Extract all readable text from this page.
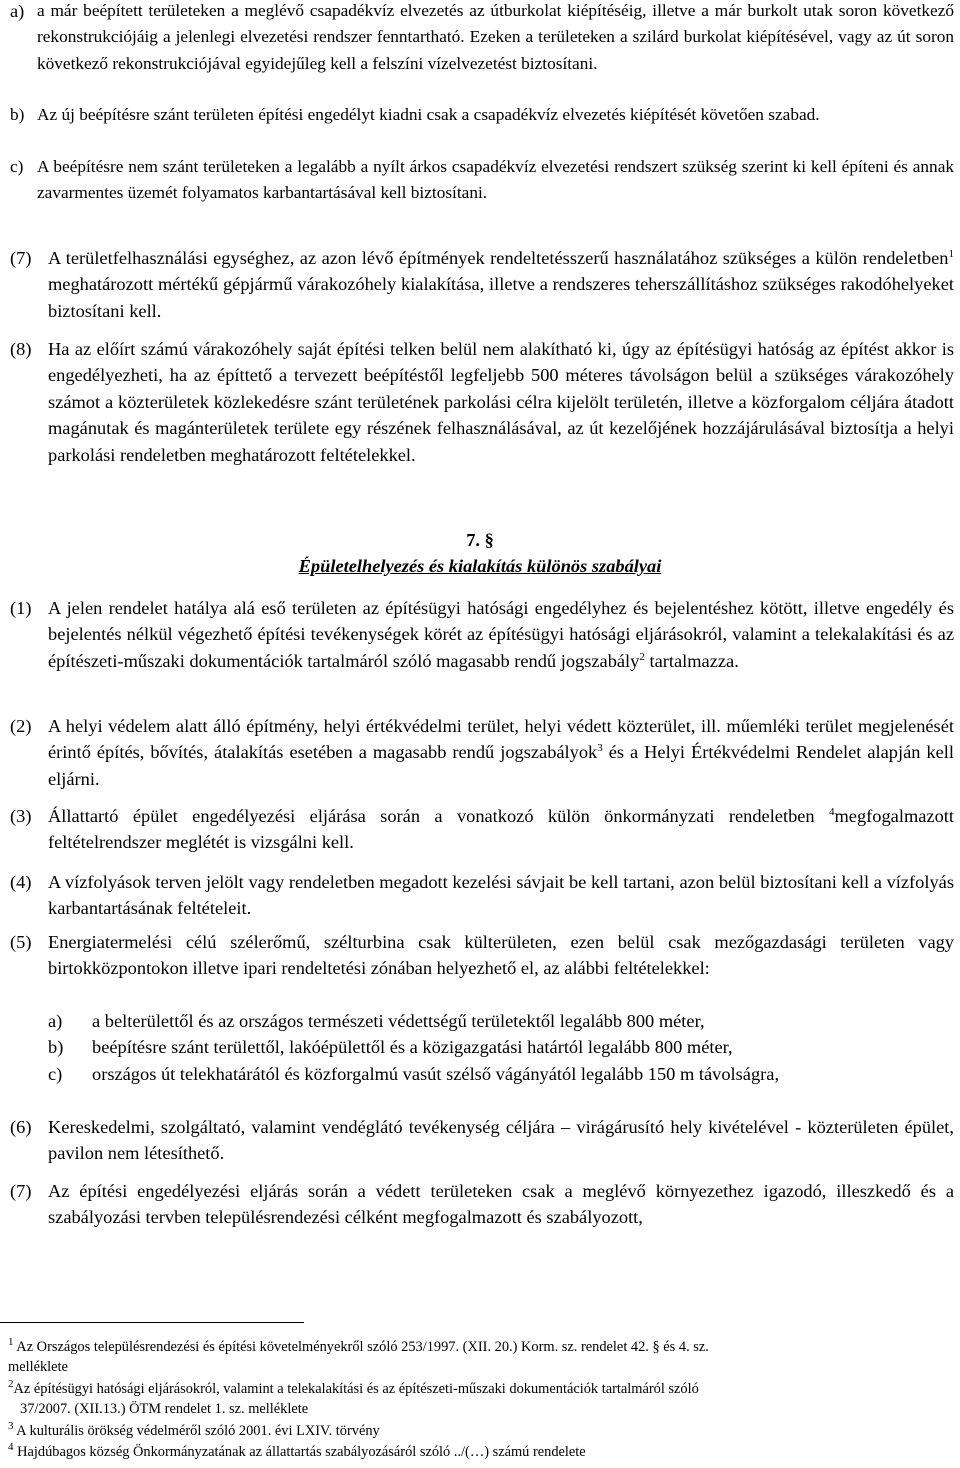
a) a már beépített területeken a meglévő csapadékvíz elvezetés az útburkolat kiépítéséig, illetve a már burkolt utak soron következő rekonstrukciójáig a jelenlegi elvezetési rendszer fenntartható. Ezeken a területeken a szilárd burkolat kiépítésével, vagy az út soron következő rekonstrukciójával egyidejűleg kell a felszíni vízelvezetést biztosítani.

b) Az új beépítésre szánt területen építési engedélyt kiadni csak a csapadékvíz elvezetés kiépítését követően szabad.

c) A beépítésre nem szánt területeken a legalább a nyílt árkos csapadékvíz elvezetési rendszert szükség szerint ki kell építeni és annak zavarmentes üzemét folyamatos karbantartásával kell biztosítani.

(7) A területfelhasználási egységhez, az azon lévő építmények rendeltetésszerű használatához szükséges a külön rendeletben$^1$ meghatározott mértékű gépjármű várakozóhely kialakítása, illetve a rendszeres teherszállításhoz szükséges rakodóhelyeket biztosítani kell.

(8) Ha az előírt számú várakozóhely saját építési telken belül nem alakítható ki, úgy az építésügyi hatóság az építést akkor is engedélyezheti, ha az építtető a tervezett beépítéstől legfeljebb 500 méteres távolságon belül a szükséges várakozóhely számot a közterületek közlekedésre szánt területének parkolási célra kijelölt területén, illetve a közforgalom céljára átadott magánutak és magánterületek területe egy részének felhasználásával, az út kezelőjének hozzájárulásával biztosítja a helyi parkolási rendeletben meghatározott feltételekkel.

7. §
Épületelhelyezés és kialakítás különös szabályai
(1) A jelen rendelet hatálya alá eső területen az építésügyi hatósági engedélyhez és bejelentéshez kötött, illetve engedély és bejelentés nélkül végezhető építési tevékenységek körét az építésügyi hatósági eljárásokról, valamint a telekalakítási és az építészeti-műszaki dokumentációk tartalmáról szóló magasabb rendű jogszabály$^2$ tartalmazza.

(2) A helyi védelem alatt álló építmény, helyi értékvédelmi terület, helyi védett közterület, ill. műemléki terület megjelenését érintő építés, bővítés, átalakítás esetében a magasabb rendű jogszabályok$^3$ és a Helyi Értékvédelmi Rendelet alapján kell eljárni.

(3) Állattartó épület engedélyezési eljárása során a vonatkozó külön önkormányzati rendeletben $^4$megfogalmazott feltételrendszer meglétét is vizsgálni kell.

(4) A vízfolyások terven jelölt vagy rendeletben megadott kezelési sávjait be kell tartani, azon belül biztosítani kell a vízfolyás karbantartásának feltételeit.

(5) Energiatermelési célú szélerőmű, szélturbina csak külterületen, ezen belül csak mezőgazdasági területen vagy birtokközpontokon illetve ipari rendeltetési zónában helyezhető el, az alábbi feltételekkel:

a) a belterülettől és az országos természeti védettségű területektől legalább 800 méter,

b) beépítésre szánt területtől, lakóépülettől és a közigazgatási határtól legalább 800 méter,

c) országos út telekhatárától és közforgalmú vasút szélső vágányától legalább 150 m távolságra,

(6) Kereskedelmi, szolgáltató, valamint vendéglátó tevékenység céljára – virágárusító hely kivételével - közterületen épület, pavilon nem létesíthető.

(7) Az építési engedélyezési eljárás során a védett területeken csak a meglévő környezethez igazodó, illeszkedő és a szabályozási tervben településrendezési célként megfogalmazott és szabályozott,

$^1$ Az Országos településrendezési és építési követelményekről szóló 253/1997. (XII. 20.) Korm. sz. rendelet 42. § és 4. sz.
melléklete
$^2$Az építésügyi hatósági eljárásokról, valamint a telekalakítási és az építészeti-műszaki dokumentációk tartalmáról szóló
37/2007. (XII.13.) ÖTM rendelet 1. sz. melléklete
$^3$ A kulturális örökség védelméről szóló 2001. évi LXIV. törvény
$^4$ Hajdúbagos község Önkormányzatának az állattartás szabályozásáról szóló ../(…) számú rendelete
